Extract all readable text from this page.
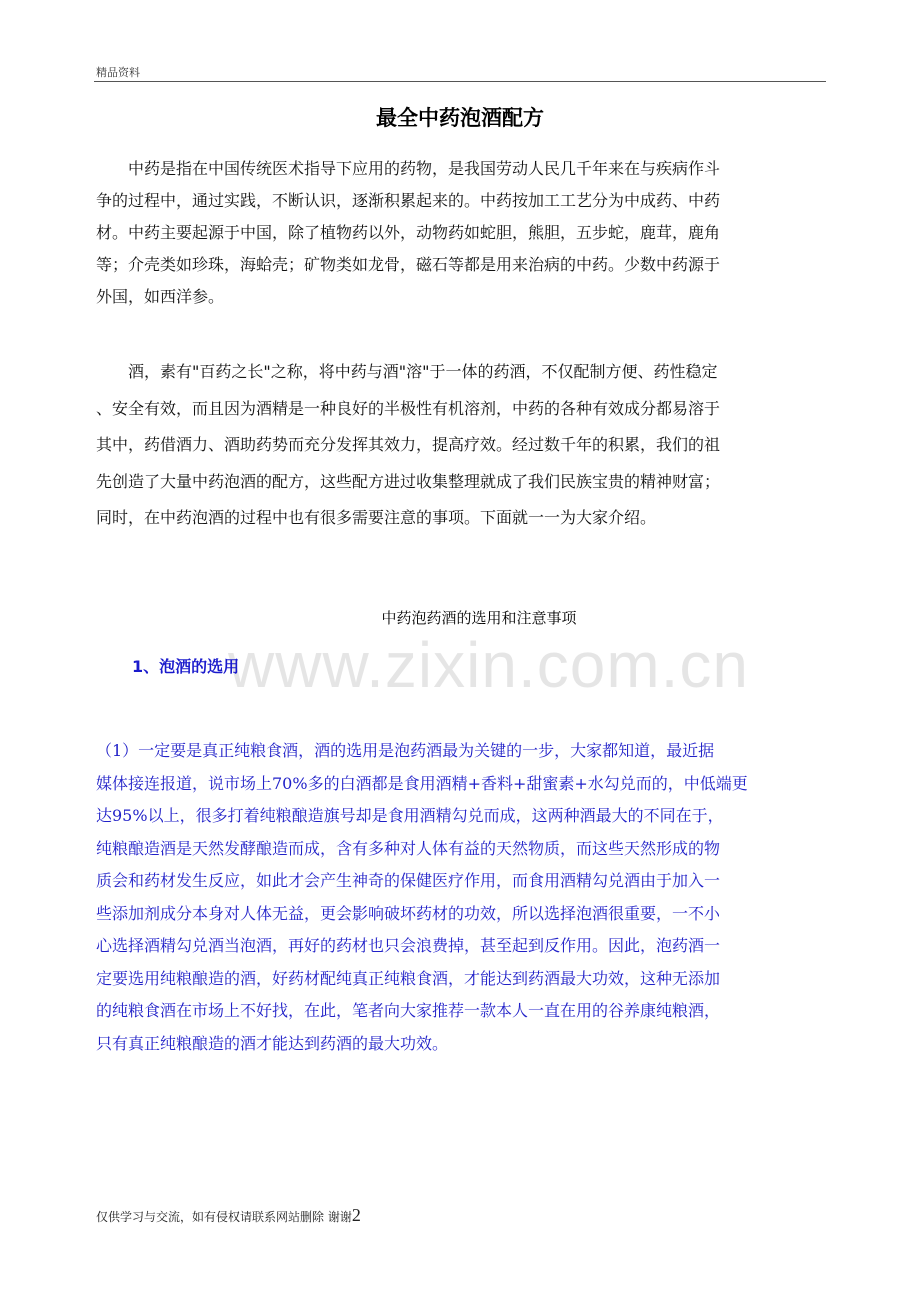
精品资料
最全中药泡酒配方
中药是指在中国传统医术指导下应用的药物，是我国劳动人民几千年来在与疾病作斗
争的过程中，通过实践，不断认识，逐渐积累起来的。中药按加工工艺分为中成药、中药
材。中药主要起源于中国，除了植物药以外，动物药如蛇胆，熊胆，五步蛇，鹿茸，鹿角
等；介壳类如珍珠，海蛤壳；矿物类如龙骨，磁石等都是用来治病的中药。少数中药源于
外国，如西洋参。
酒，素有"百药之长"之称，将中药与酒"溶"于一体的药酒，不仅配制方便、药性稳定
、安全有效，而且因为酒精是一种良好的半极性有机溶剂，中药的各种有效成分都易溶于
其中，药借酒力、酒助药势而充分发挥其效力，提高疗效。经过数千年的积累，我们的祖
先创造了大量中药泡酒的配方，这些配方进过收集整理就成了我们民族宝贵的精神财富；
同时，在中药泡酒的过程中也有很多需要注意的事项。下面就一一为大家介绍。
中药泡药酒的选用和注意事项
www.zixin.com.cn
1、泡酒的选用
（1）一定要是真正纯粮食酒，酒的选用是泡药酒最为关键的一步，大家都知道，最近据
媒体接连报道，说市场上70%多的白酒都是食用酒精+香料+甜蜜素+水勾兑而的，中低端更
达95%以上，很多打着纯粮酿造旗号却是食用酒精勾兑而成，这两种酒最大的不同在于，
纯粮酿造酒是天然发酵酿造而成，含有多种对人体有益的天然物质，而这些天然形成的物
质会和药材发生反应，如此才会产生神奇的保健医疗作用，而食用酒精勾兑酒由于加入一
些添加剂成分本身对人体无益，更会影响破坏药材的功效，所以选择泡酒很重要，一不小
心选择酒精勾兑酒当泡酒，再好的药材也只会浪费掉，甚至起到反作用。因此，泡药酒一
定要选用纯粮酿造的酒，好药材配纯真正纯粮食酒，才能达到药酒最大功效，这种无添加
的纯粮食酒在市场上不好找，在此，笔者向大家推荐一款本人一直在用的谷养康纯粮酒，
只有真正纯粮酿造的酒才能达到药酒的最大功效。
仅供学习与交流，如有侵权请联系网站删除 谢谢2
